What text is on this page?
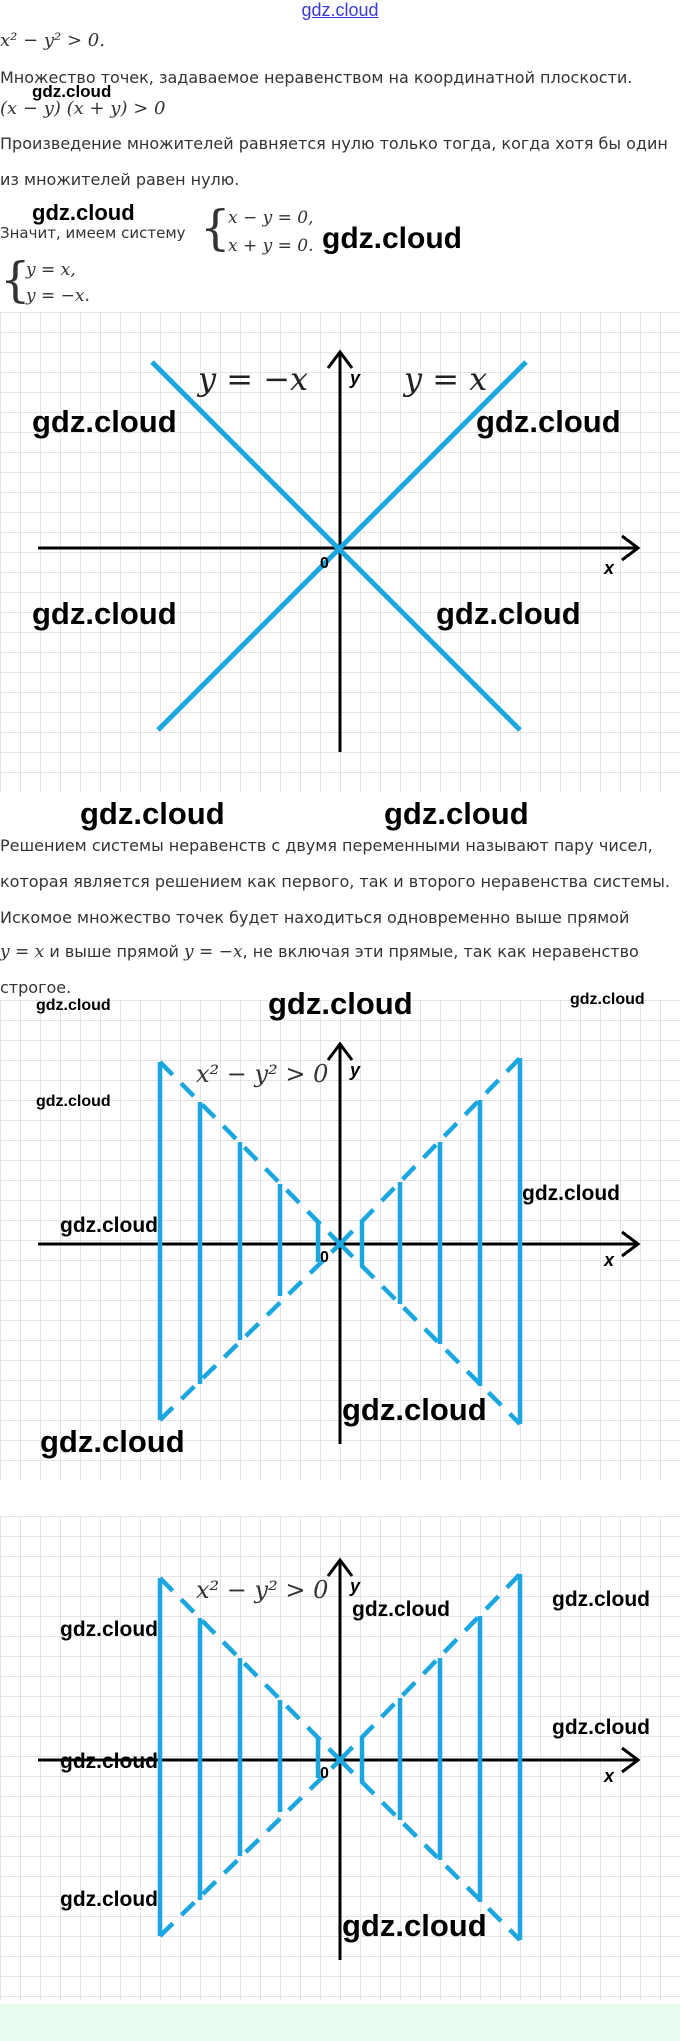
gdz.cloud
x² − y² > 0.
Множество точек, задаваемое неравенством на координатной плоскости.
gdz.cloud
(x − y) (x + y) > 0
Произведение множителей равняется нулю только тогда, когда хотя бы один
из множителей равен нулю.
gdz.cloud
Значит, имеем систему {
x − y = 0,
x + y = 0. gdz.cloud
{
y = x,
y = −x.
y
x
0
y = −x	y = x
gdz.cloud	gdz.cloud
gdz.cloud	gdz.cloud
gdz.cloud	gdz.cloud
Решением системы неравенств с двумя переменными называют пару чисел,
которая является решением как первого, так и второго неравенства системы.
Искомое множество точек будет находиться одновременно выше прямой
y = x и выше прямой y = −x, не включая эти прямые, так как неравенство
строгое.
y
x
0
x² − y² > 0
gdz.cloud	gdz.cloud	gdz.cloud
gdz.cloud
gdz.cloud
gdz.cloud
gdz.cloud
gdz.cloud
y
x
0
x² − y² > 0
gdz.cloud
gdz.cloud
gdz.cloud
gdz.cloud
gdz.cloud
gdz.cloud
gdz.cloud
